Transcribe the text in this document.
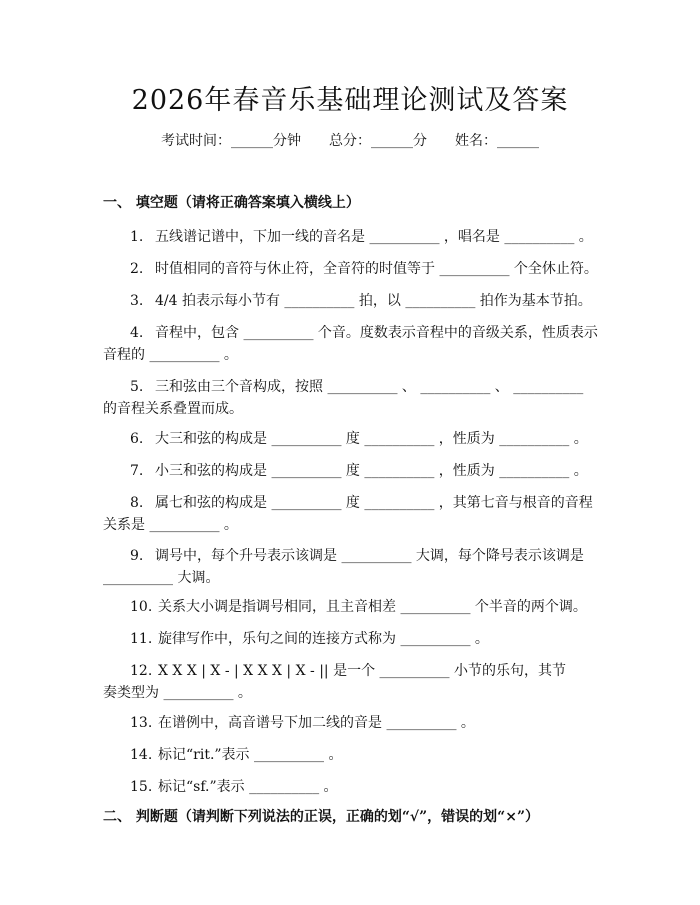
2026年春音乐基础理论测试及答案
考试时间：______分钟 总分：______分 姓名：______
一、 填空题（请将正确答案填入横线上）
1. 五线谱记谱中，下加一线的音名是 __________ ，唱名是 __________ 。
2. 时值相同的音符与休止符，全音符的时值等于 __________ 个全休止符。
3. 4/4 拍表示每小节有 __________ 拍，以 __________ 拍作为基本节拍。
4. 音程中，包含 __________ 个音。度数表示音程中的音级关系，性质表示
音程的 __________ 。
5. 三和弦由三个音构成，按照 __________ 、 __________ 、 __________
的音程关系叠置而成。
6. 大三和弦的构成是 __________ 度 __________ ，性质为 __________ 。
7. 小三和弦的构成是 __________ 度 __________ ，性质为 __________ 。
8. 属七和弦的构成是 __________ 度 __________ ，其第七音与根音的音程
关系是 __________ 。
9. 调号中，每个升号表示该调是 __________ 大调，每个降号表示该调是
__________ 大调。
10. 关系大小调是指调号相同，且主音相差 __________ 个半音的两个调。
11. 旋律写作中，乐句之间的连接方式称为 __________ 。
12. X X X | X - | X X X | X - || 是一个 __________ 小节的乐句，其节
奏类型为 __________ 。
13. 在谱例中，高音谱号下加二线的音是 __________ 。
14. 标记“rit.”表示 __________ 。
15. 标记“sf.”表示 __________ 。
二、 判断题（请判断下列说法的正误，正确的划“√”，错误的划“×”）
